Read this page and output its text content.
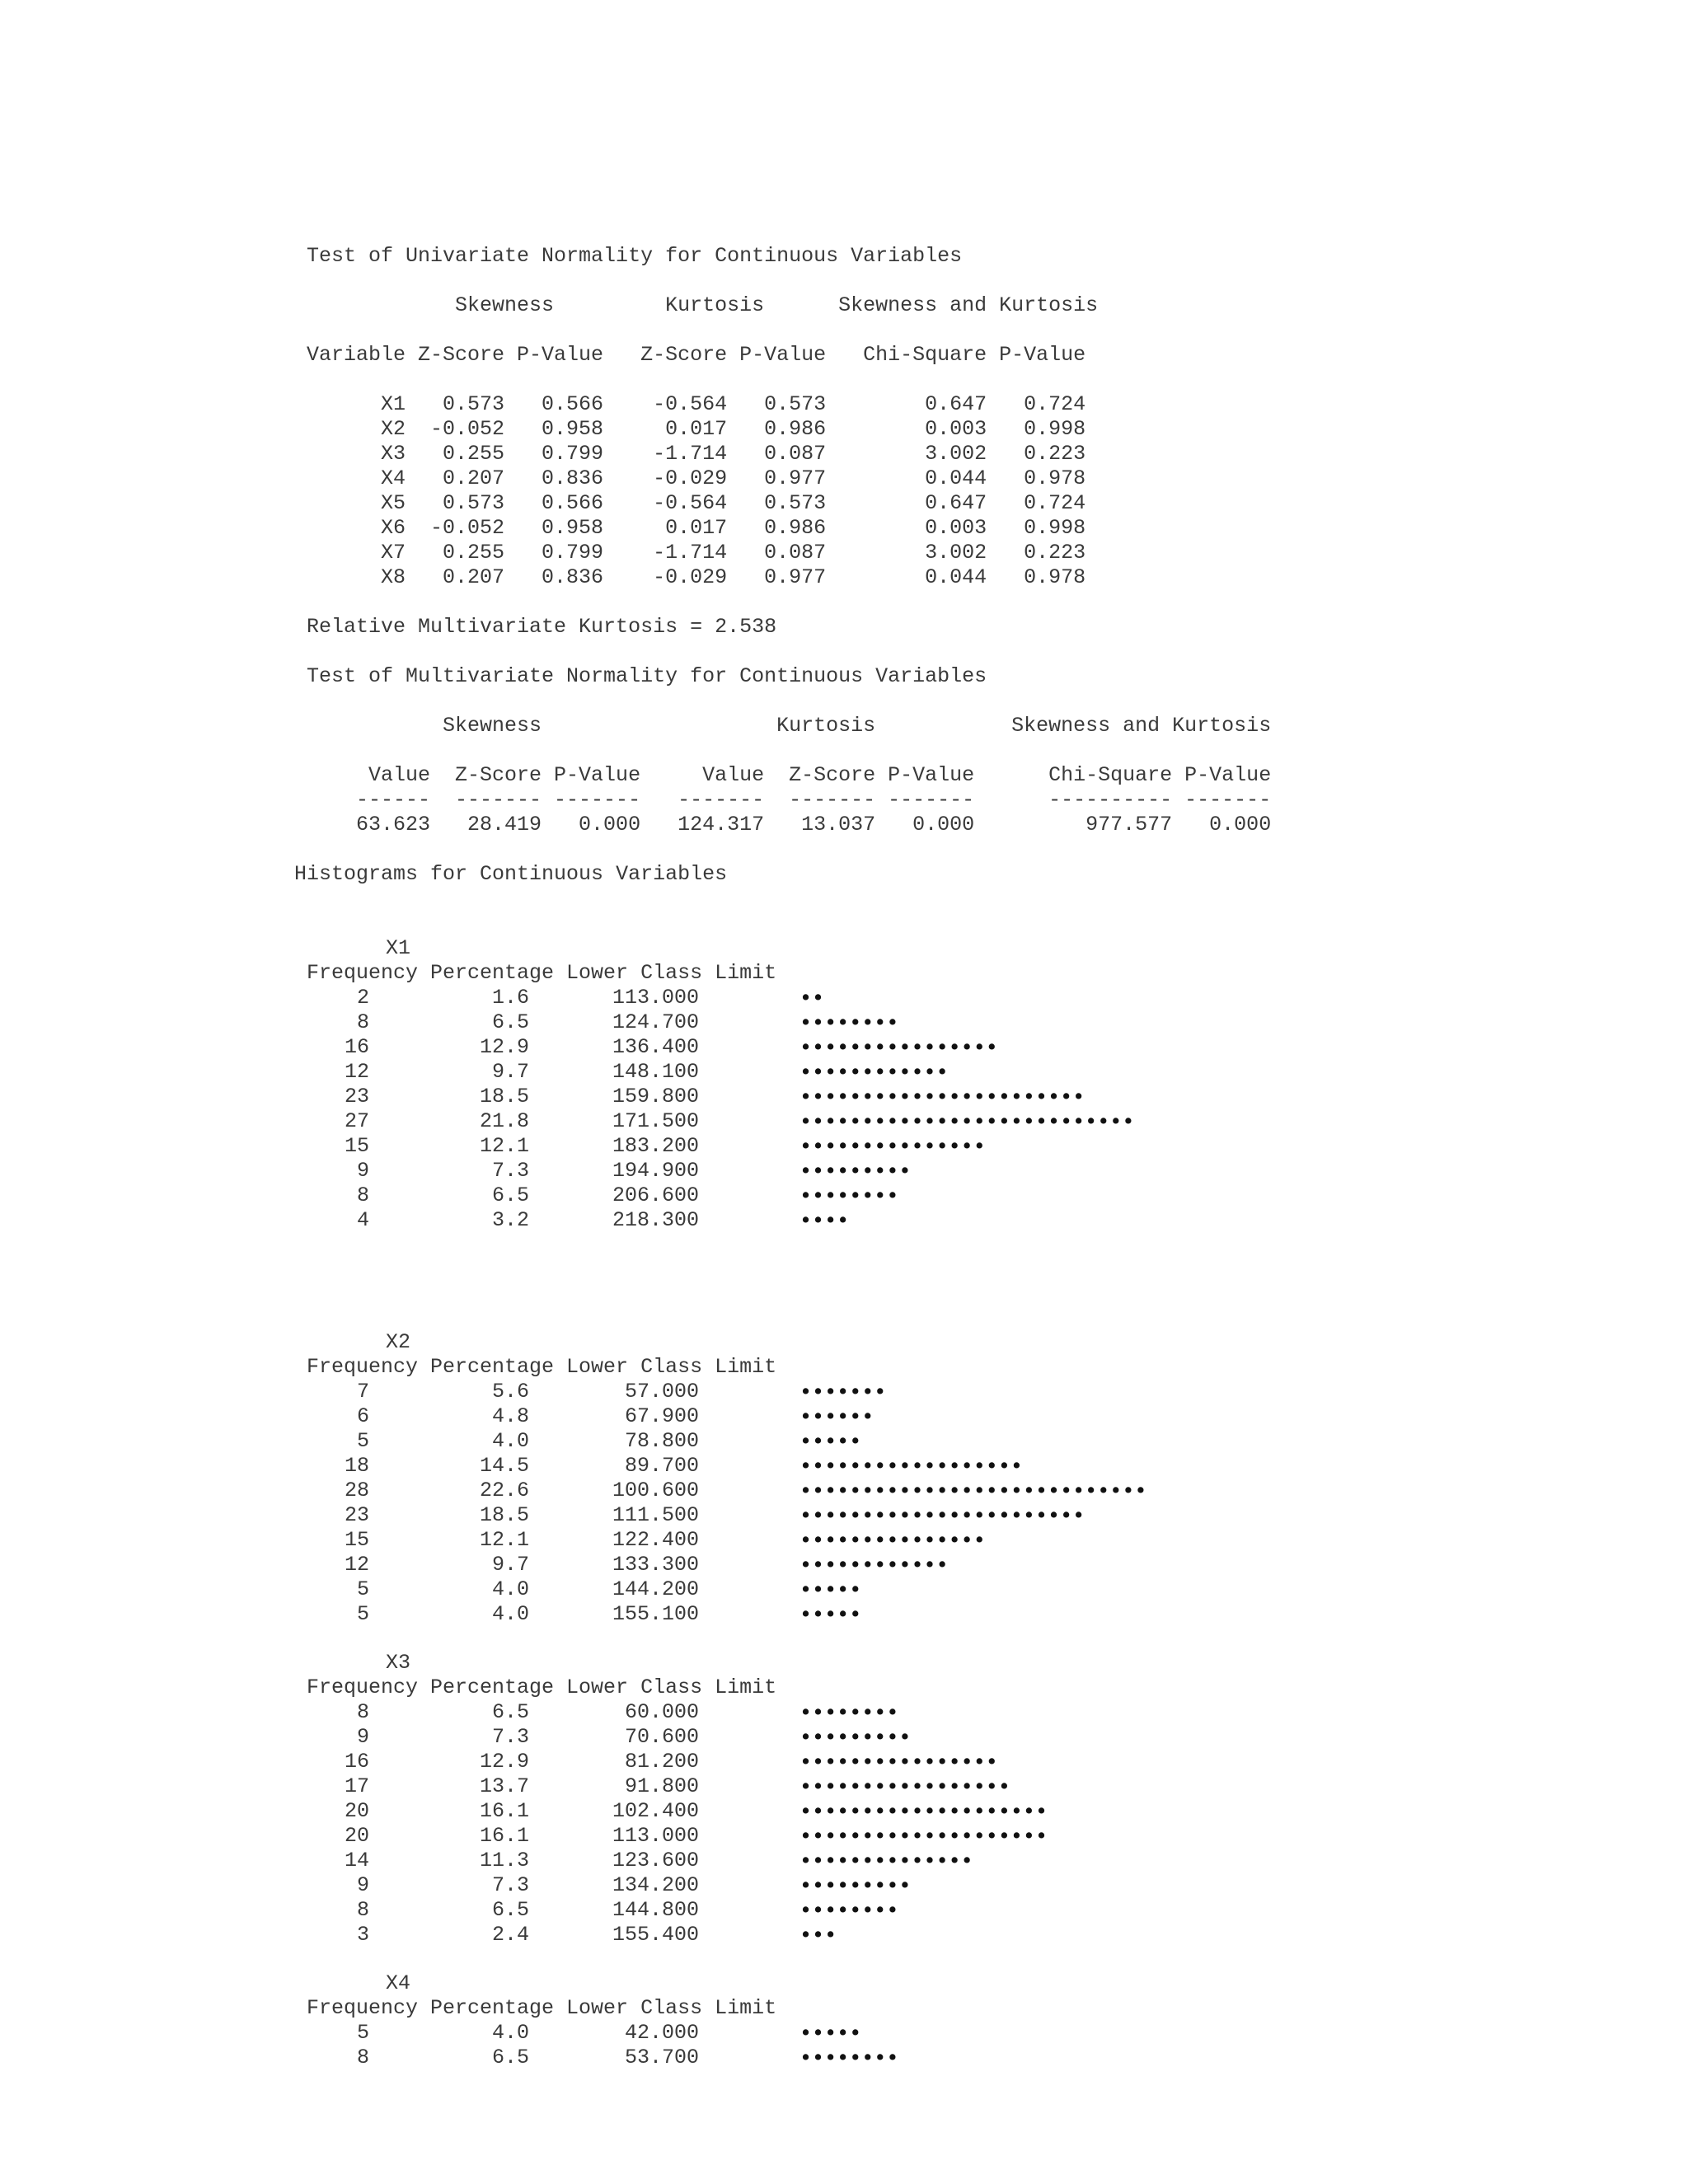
Test of Univariate Normality for Continuous Variables
Skewness         Kurtosis      Skewness and Kurtosis
Variable Z-Score P-Value   Z-Score P-Value   Chi-Square P-Value
X1   0.573   0.566    -0.564   0.573        0.647   0.724
X2  -0.052   0.958     0.017   0.986        0.003   0.998
X3   0.255   0.799    -1.714   0.087        3.002   0.223
X4   0.207   0.836    -0.029   0.977        0.044   0.978
X5   0.573   0.566    -0.564   0.573        0.647   0.724
X6  -0.052   0.958     0.017   0.986        0.003   0.998
X7   0.255   0.799    -1.714   0.087        3.002   0.223
X8   0.207   0.836    -0.029   0.977        0.044   0.978
Relative Multivariate Kurtosis = 2.538
Test of Multivariate Normality for Continuous Variables
Skewness                   Kurtosis           Skewness and Kurtosis
Value  Z-Score P-Value     Value  Z-Score P-Value      Chi-Square P-Value
------  ------- -------   -------  ------- -------      ---------- -------
63.623   28.419   0.000   124.317   13.037   0.000         977.577   0.000
Histograms for Continuous Variables
X1
Frequency Percentage Lower Class Limit
2	1.6	113.000	••
8	6.5	124.700	••••••••
16	12.9	136.400	••••••••••••••••
12	9.7	148.100	••••••••••••
23	18.5	159.800	•••••••••••••••••••••••
27	21.8	171.500	•••••••••••••••••••••••••••
15	12.1	183.200	•••••••••••••••
9	7.3	194.900	•••••••••
8	6.5	206.600	••••••••
4	3.2	218.300	••••
X2
Frequency Percentage Lower Class Limit
7	5.6	57.000	•••••••
6	4.8	67.900	••••••
5	4.0	78.800	•••••
18	14.5	89.700	••••••••••••••••••
28	22.6	100.600	••••••••••••••••••••••••••••
23	18.5	111.500	•••••••••••••••••••••••
15	12.1	122.400	•••••••••••••••
12	9.7	133.300	••••••••••••
5	4.0	144.200	•••••
5	4.0	155.100	•••••
X3
Frequency Percentage Lower Class Limit
8	6.5	60.000	••••••••
9	7.3	70.600	•••••••••
16	12.9	81.200	••••••••••••••••
17	13.7	91.800	•••••••••••••••••
20	16.1	102.400	••••••••••••••••••••
20	16.1	113.000	••••••••••••••••••••
14	11.3	123.600	••••••••••••••
9	7.3	134.200	•••••••••
8	6.5	144.800	••••••••
3	2.4	155.400	•••
X4
Frequency Percentage Lower Class Limit
5	4.0	42.000	•••••
8	6.5	53.700	••••••••
